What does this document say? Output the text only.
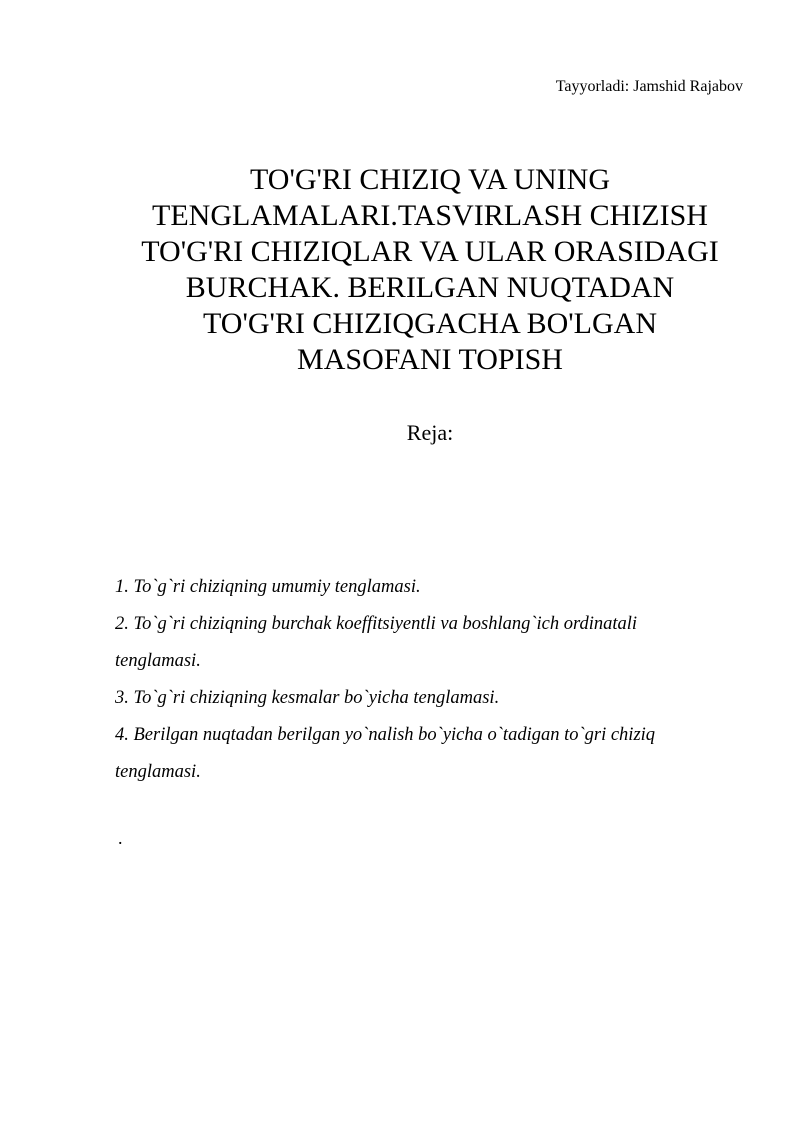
Tayyorladi: Jamshid Rajabov
TO'G'RI CHIZIQ VA UNING
TENGLAMALARI.TASVIRLASH CHIZISH
TO'G'RI CHIZIQLAR VA ULAR ORASIDAGI
BURCHAK. BERILGAN NUQTADAN
TO'G'RI CHIZIQGACHA BO'LGAN
MASOFANI TOPISH
Reja:
1. To`g`ri chiziqning umumiy tenglamasi.
2. To`g`ri chiziqning burchak koeffitsiyentli va boshlang`ich ordinatali
tenglamasi.
3. To`g`ri chiziqning kesmalar bo`yicha tenglamasi.
4. Berilgan nuqtadan berilgan yo`nalish bo`yicha o`tadigan to`gri chiziq
tenglamasi.
.
